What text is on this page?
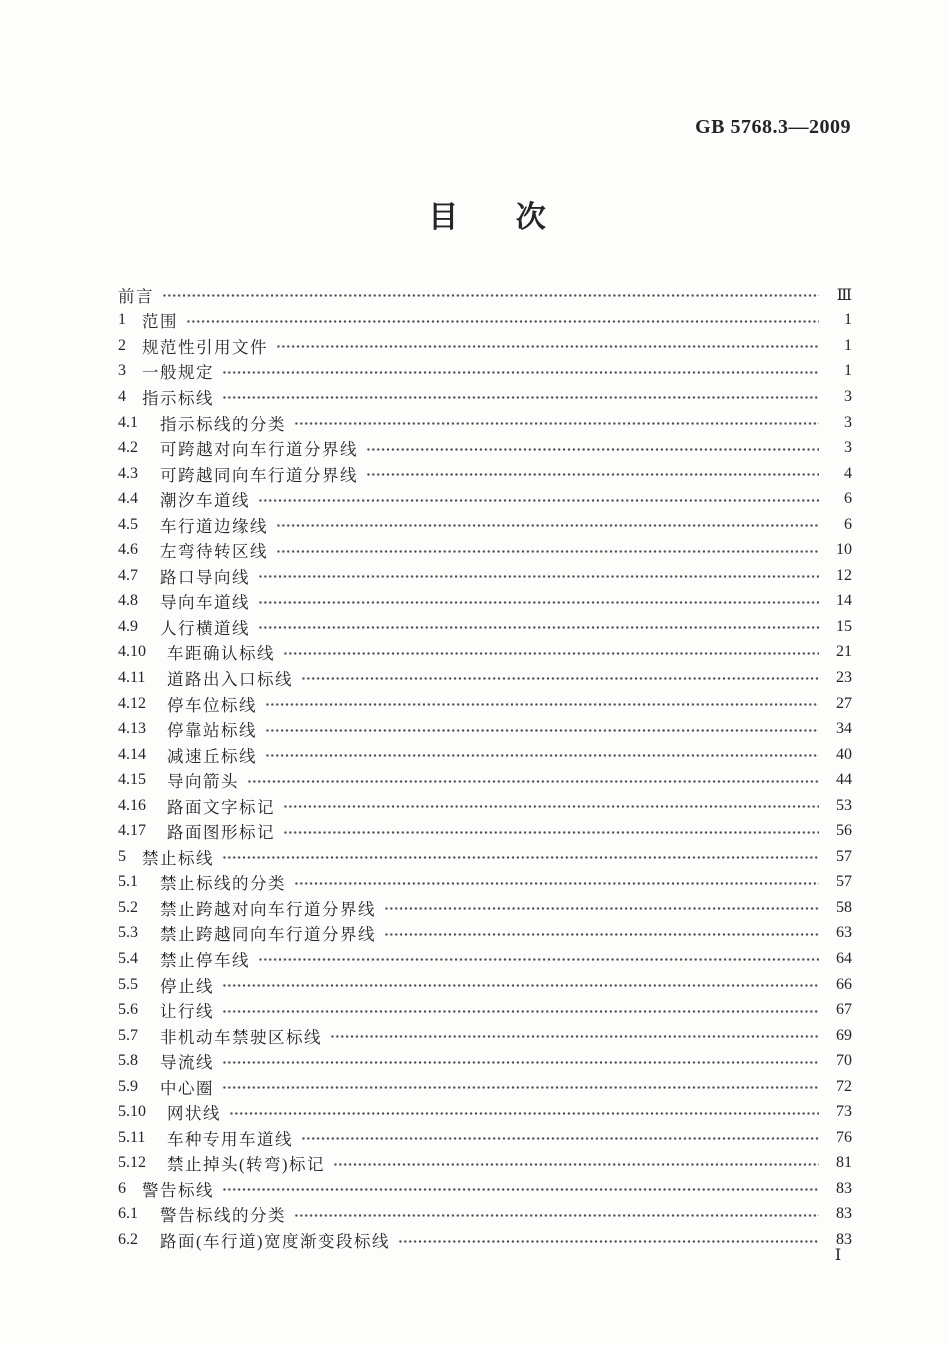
GB 5768.3—2009
目 次
前言	Ⅲ
1 范围	1
2 规范性引用文件	1
3 一般规定	1
4 指示标线	3
4.1	指示标线的分类	3
4.2	可跨越对向车行道分界线	3
4.3	可跨越同向车行道分界线	4
4.4	潮汐车道线	6
4.5	车行道边缘线	6
4.6	左弯待转区线	10
4.7	路口导向线	12
4.8	导向车道线	14
4.9	人行横道线	15
4.10	车距确认标线	21
4.11	道路出入口标线	23
4.12	停车位标线	27
4.13	停靠站标线	34
4.14	减速丘标线	40
4.15	导向箭头	44
4.16	路面文字标记	53
4.17	路面图形标记	56
5 禁止标线	57
5.1	禁止标线的分类	57
5.2	禁止跨越对向车行道分界线	58
5.3	禁止跨越同向车行道分界线	63
5.4	禁止停车线	64
5.5	停止线	66
5.6	让行线	67
5.7	非机动车禁驶区标线	69
5.8	导流线	70
5.9	中心圈	72
5.10	网状线	73
5.11	车种专用车道线	76
5.12	禁止掉头(转弯)标记	81
6 警告标线	83
6.1	警告标线的分类	83
6.2	路面(车行道)宽度渐变段标线	83
Ⅰ
